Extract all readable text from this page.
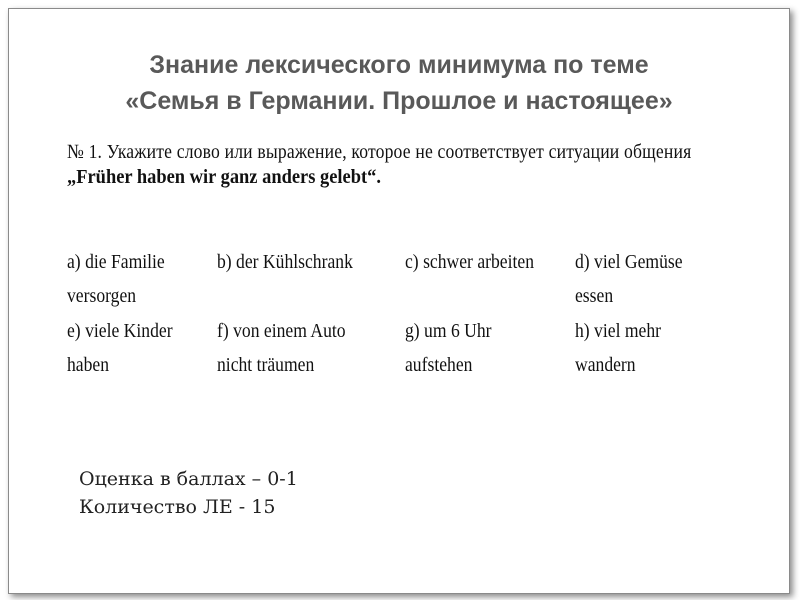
Знание лексического минимума по теме
«Семья в Германии. Прошлое и настоящее»
№ 1. Укажите слово или выражение, которое не соответствует ситуации общения
„Früher haben wir ganz anders gelebt“.
a) die Familie
versorgen
b) der Kühlschrank	c) schwer arbeiten d) viel Gemüse
essen
e) viele Kinder
haben
f) von einem Auto
nicht träumen
g) um 6 Uhr
aufstehen
h) viel mehr
wandern
Оценка в баллах – 0-1
Количество ЛЕ - 15
